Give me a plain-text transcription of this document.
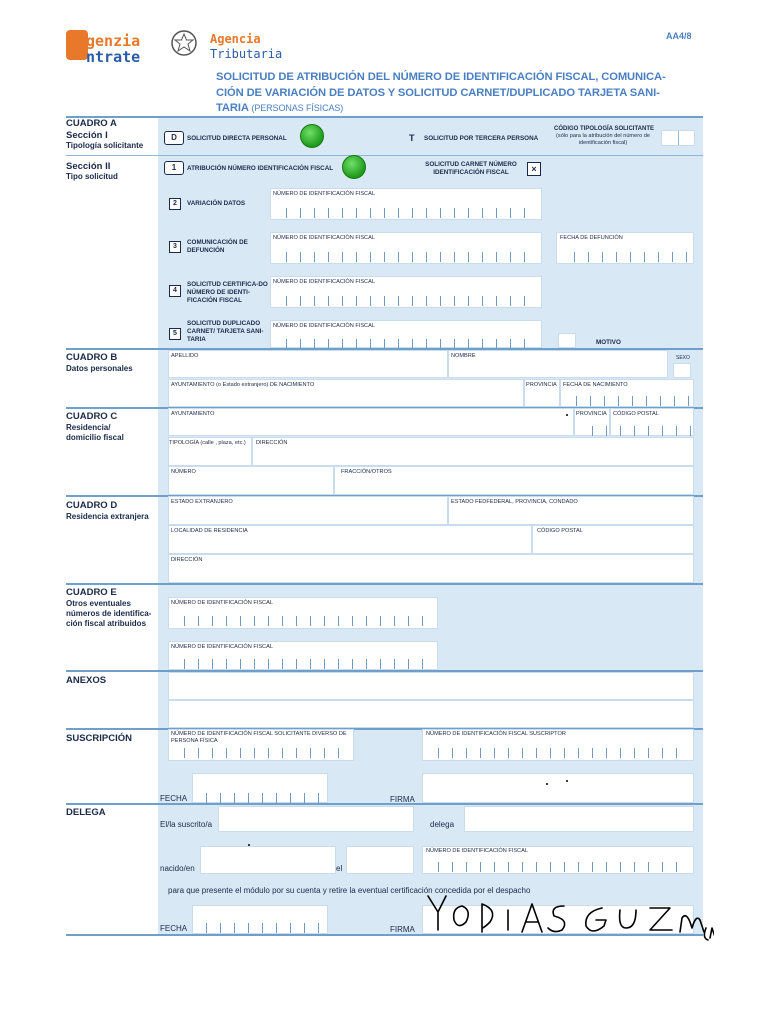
genzia
ntrate
Agencia
Tributaria
AA4/8
SOLICITUD DE ATRIBUCIÓN DEL NÚMERO DE IDENTIFICACIÓN FISCAL, COMUNICA-CIÓN DE VARIACIÓN DE DATOS Y SOLICITUD CARNET/DUPLICADO TARJETA SANI-TARIA (PERSONAS FÍSICAS)
CUADRO A
Sección I
Tipología solicitante
D	SOLICITUD DIRECTA PERSONAL	T SOLICITUD POR TERCERA PERSONA
CÓDIGO TIPOLOGÍA SOLICITANTE
(sólo para la atribución del número de identificación fiscal)
Sección II
Tipo solicitud
1	ATRIBUCIÓN NÚMERO IDENTIFICACIÓN FISCAL
SOLICITUD CARNET NÚMERO IDENTIFICACIÓN FISCAL	×
2	VARIACIÓN DATOS
NÚMERO DE IDENTIFICACIÓN FISCAL
3
COMUNICACIÓN DE DEFUNCIÓN
NÚMERO DE IDENTIFICACIÓN FISCAL	FECHA DE DEFUNCIÓN
4
SOLICITUD CERTIFICA-DO NÚMERO DE IDENTI-FICACIÓN FISCAL
NÚMERO DE IDENTIFICACIÓN FISCAL
5
SOLICITUD DUPLICADO CARNET/ TARJETA SANI-TARIA
NÚMERO DE IDENTIFICACIÓN FISCAL
MOTIVO
CUADRO B
Datos personales
APELLIDO	NOMBRE	SEXO
AYUNTAMIENTO (o Estado extranjero) DE NACIMIENTO	PROVINCIA FECHA DE NACIMIENTO
CUADRO C
Residencia/
domicilio fiscal
AYUNTAMIENTO	PROVINCIA CÓDIGO POSTAL
TIPOLOGÍA (calle , plaza, etc.) DIRECCIÓN
NÚMERO	FRACCIÓN/OTROS
CUADRO D
Residencia extranjera
ESTADO EXTRANJERO	ESTADO FEDFEDERAL, PROVINCIA, CONDADO
LOCALIDAD DE RESIDENCIA	CÓDIGO POSTAL
DIRECCIÓN
CUADRO E
Otros eventuales números de identifica-ción fiscal atribuidos
NÚMERO DE IDENTIFICACIÓN FISCAL
NÚMERO DE IDENTIFICACIÓN FISCAL
ANEXOS
SUSCRIPCIÓN	NÚMERO DE IDENTIFICACIÓN FISCAL SOLICITANTE DIVERSO DE PERSONA FÍSICA
NÚMERO DE IDENTIFICACIÓN FISCAL SUSCRIPTOR
FECHA	FIRMA
DELEGA
El/la suscrito/a	delega
nacido/en	el
NÚMERO DE IDENTIFICACIÓN FISCAL
para que presente el módulo por su cuenta y retire la eventual certificación concedida por el despacho
FECHA	FIRMA
